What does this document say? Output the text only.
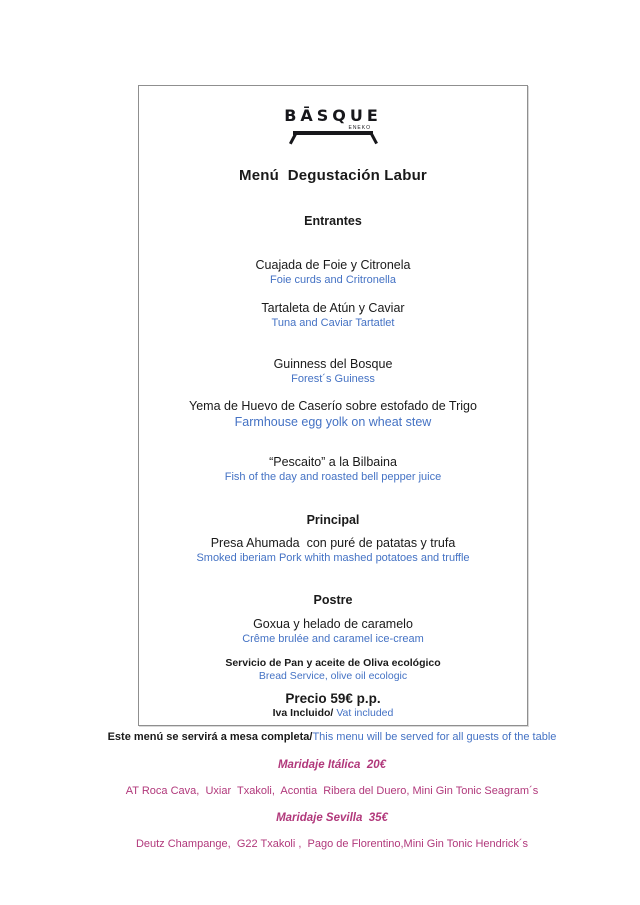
BĀSQUE
ENEKO
Menú  Degustación Labur
Entrantes
Cuajada de Foie y Citronela
Foie curds and Critronella
Tartaleta de Atún y Caviar
Tuna and Caviar Tartatlet
Guinness del Bosque
Forest´s Guiness
Yema de Huevo de Caserío sobre estofado de Trigo
Farmhouse egg yolk on wheat stew
“Pescaito” a la Bilbaina
Fish of the day and roasted bell pepper juice
Principal
Presa Ahumada  con puré de patatas y trufa
Smoked iberiam Pork whith mashed potatoes and truffle
Postre
Goxua y helado de caramelo
Crême brulée and caramel ice-cream
Servicio de Pan y aceite de Oliva ecológico
Bread Service, olive oil ecologic
Precio 59€ p.p.
Iva Incluido/ Vat included
Este menú se servirá a mesa completa/This menu will be served for all guests of the table
Maridaje Itálica  20€
AT Roca Cava,  Uxiar  Txakoli,  Acontia  Ribera del Duero, Mini Gin Tonic Seagram´s
Maridaje Sevilla  35€
Deutz Champange,  G22 Txakoli ,  Pago de Florentino,Mini Gin Tonic Hendrick´s
